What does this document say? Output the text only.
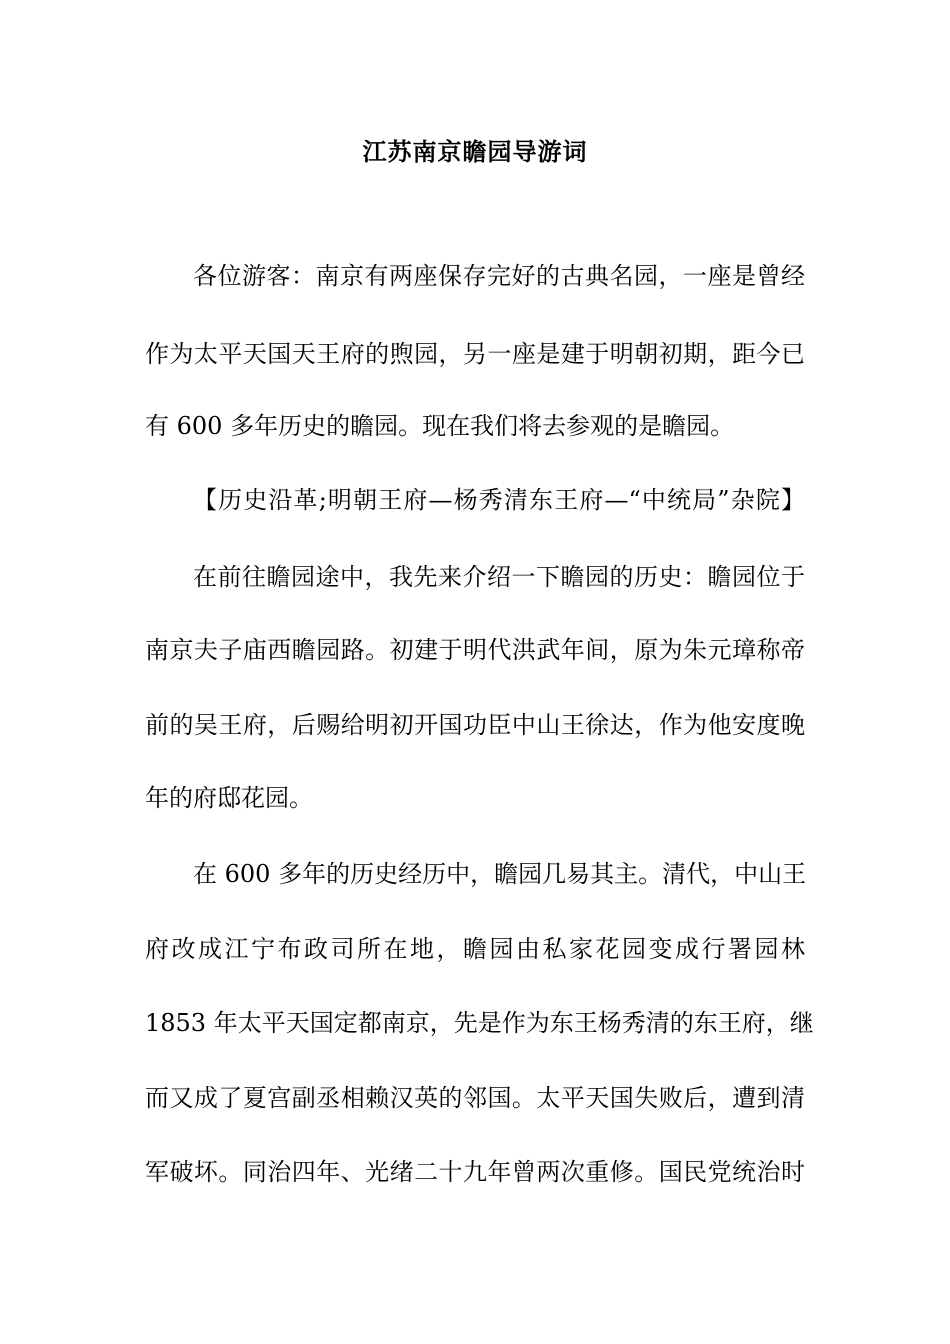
江苏南京瞻园导游词
各位游客：南京有两座保存完好的古典名园，一座是曾经
作为太平天国天王府的煦园，另一座是建于明朝初期，距今已
有 600 多年历史的瞻园。现在我们将去参观的是瞻园。
【历史沿革;明朝王府—杨秀清东王府—“中统局”杂院】
在前往瞻园途中，我先来介绍一下瞻园的历史：瞻园位于
南京夫子庙西瞻园路。初建于明代洪武年间，原为朱元璋称帝
前的吴王府，后赐给明初开国功臣中山王徐达，作为他安度晚
年的府邸花园。
在 600 多年的历史经历中，瞻园几易其主。清代，中山王
府改成江宁布政司所在地，瞻园由私家花园变成行署园林
1853 年太平天国定都南京，先是作为东王杨秀清的东王府，继
而又成了夏宫副丞相赖汉英的邻国。太平天国失败后，遭到清
军破坏。同治四年、光绪二十九年曾两次重修。国民党统治时
